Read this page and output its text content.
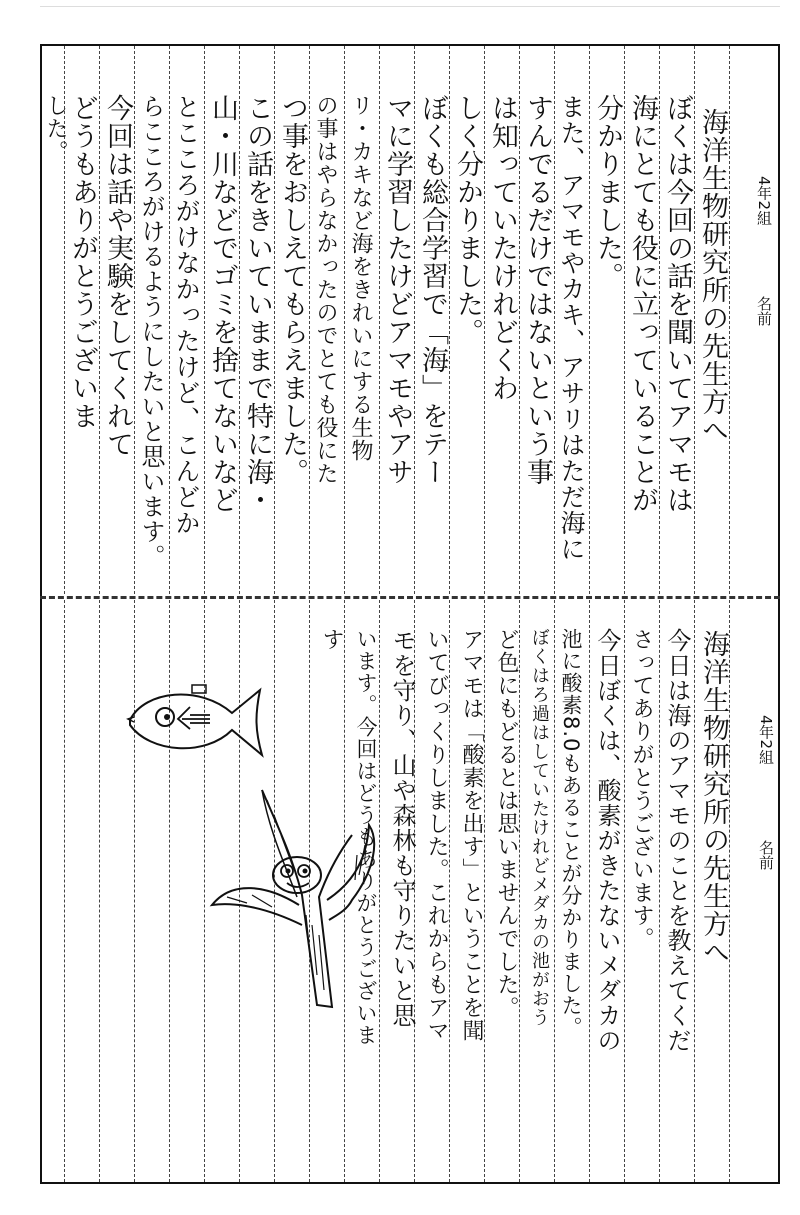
4年2組
名前
海洋生物研究所の先生方へ
ぼくは今回の話を聞いてアマモは
海にとても役に立っていることが
分かりました。
また、アマモやカキ、アサリはただ海に
すんでるだけではないという事
は知っていたけれどくわ
しく分かりました。
ぼくも総合学習で「海」をテー
マに学習したけどアマモやアサ
リ・カキなど海をきれいにする生物
の事はやらなかったのでとても役にた
つ事をおしえてもらえました。
この話をきいていままで特に海・
山・川などでゴミを捨てないなど
とこころがけなかったけど、こんどか
らこころがけるようにしたいと思います。
今回は話や実験をしてくれて
どうもありがとうございま
した。
4年2組
名前
海洋生物研究所の先生方へ
今日は海のアマモのことを教えてくだ
さってありがとうございます。
今日ぼくは、酸素がきたないメダカの
池に酸素8.0もあることが分かりました。
ぼくはろ過はしていたけれどメダカの池がおう
ど色にもどるとは思いませんでした。
アマモは「酸素を出す」ということを聞
いてびっくりしました。これからもアマ
モを守り、山や森林も守りたいと思
います。今回はどうもありがとうございま
す
